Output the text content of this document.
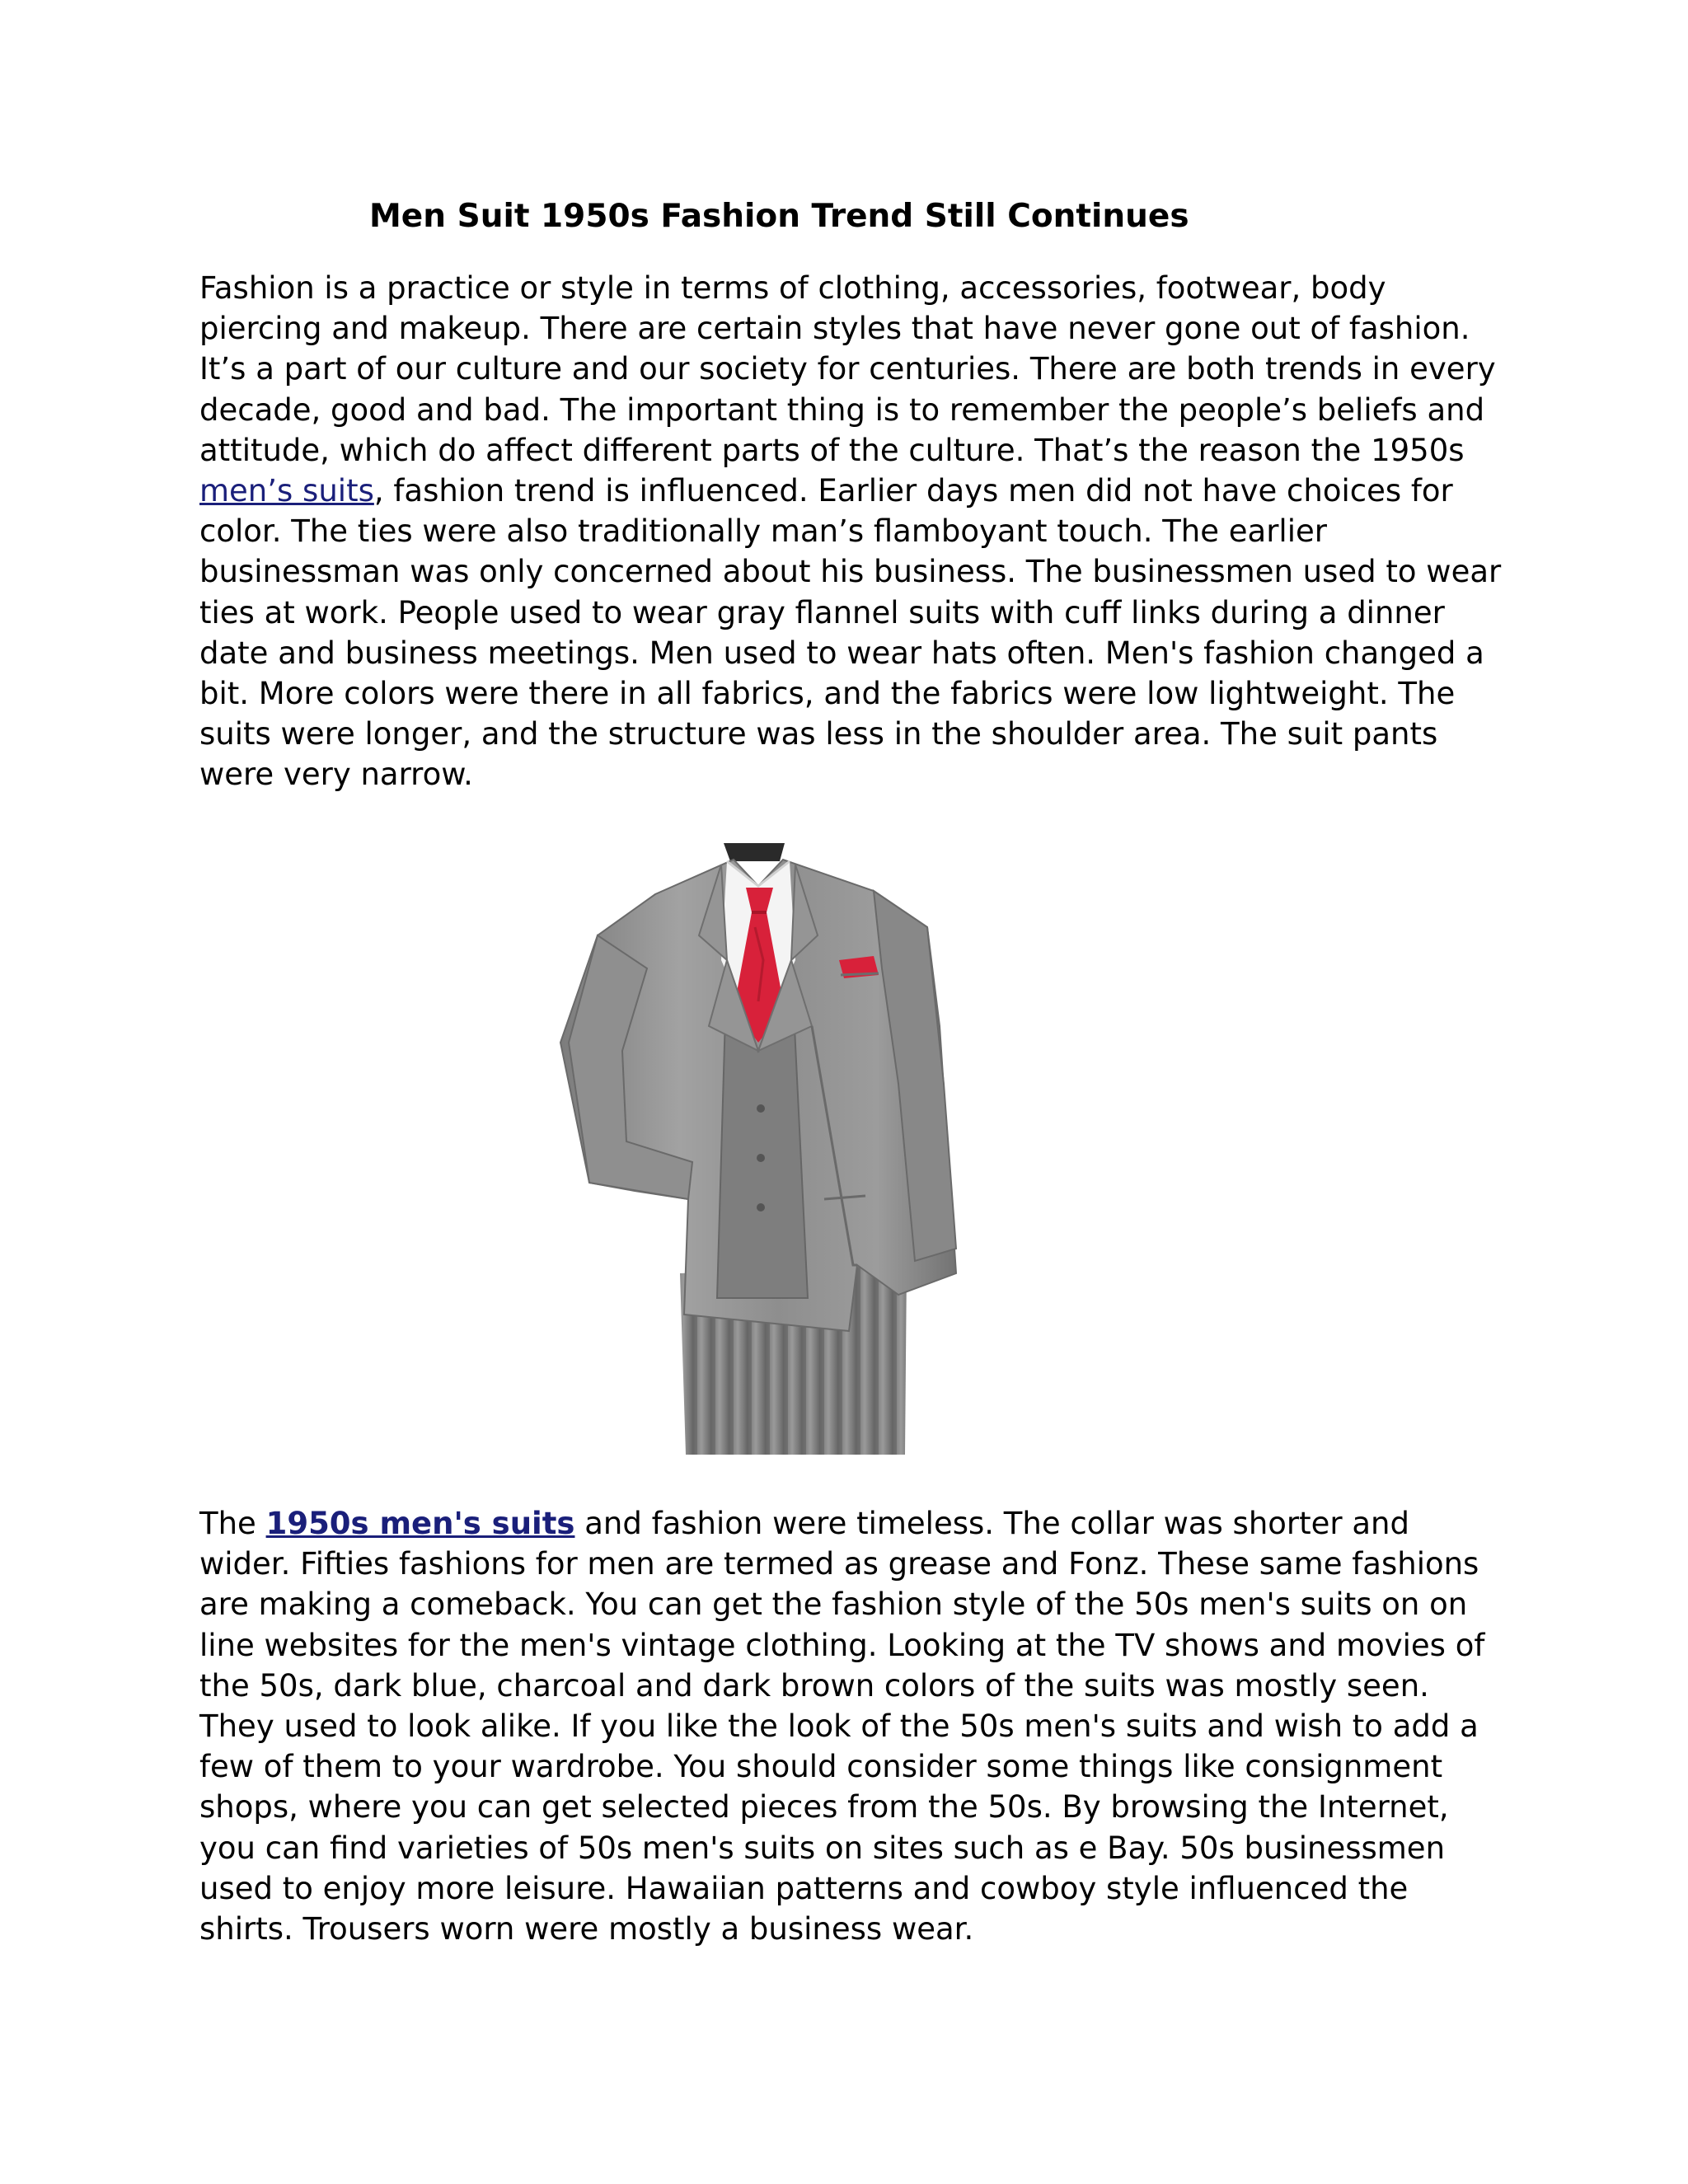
Men Suit 1950s Fashion Trend Still Continues

Fashion is a practice or style in terms of clothing, accessories, footwear, body piercing and makeup. There are certain styles that have never gone out of fashion. It’s a part of our culture and our society for centuries. There are both trends in every decade, good and bad. The important thing is to remember the people’s beliefs and attitude, which do affect different parts of the culture. That’s the reason the 1950s men’s suits, fashion trend is influenced. Earlier days men did not have choices for color. The ties were also traditionally man’s flamboyant touch. The earlier businessman was only concerned about his business. The businessmen used to wear ties at work. People used to wear gray flannel suits with cuff links during a dinner date and business meetings. Men used to wear hats often. Men's fashion changed a bit. More colors were there in all fabrics, and the fabrics were low lightweight. The suits were longer, and the structure was less in the shoulder area. The suit pants were very narrow.

The 1950s men's suits and fashion were timeless. The collar was shorter and wider. Fifties fashions for men are termed as grease and Fonz. These same fashions are making a comeback. You can get the fashion style of the 50s men's suits on on line websites for the men's vintage clothing. Looking at the TV shows and movies of the 50s, dark blue, charcoal and dark brown colors of the suits was mostly seen. They used to look alike. If you like the look of the 50s men's suits and wish to add a few of them to your wardrobe. You should consider some things like consignment shops, where you can get selected pieces from the 50s. By browsing the Internet, you can find varieties of 50s men's suits on sites such as e Bay. 50s businessmen used to enjoy more leisure. Hawaiian patterns and cowboy style influenced the shirts. Trousers worn were mostly a business wear.
